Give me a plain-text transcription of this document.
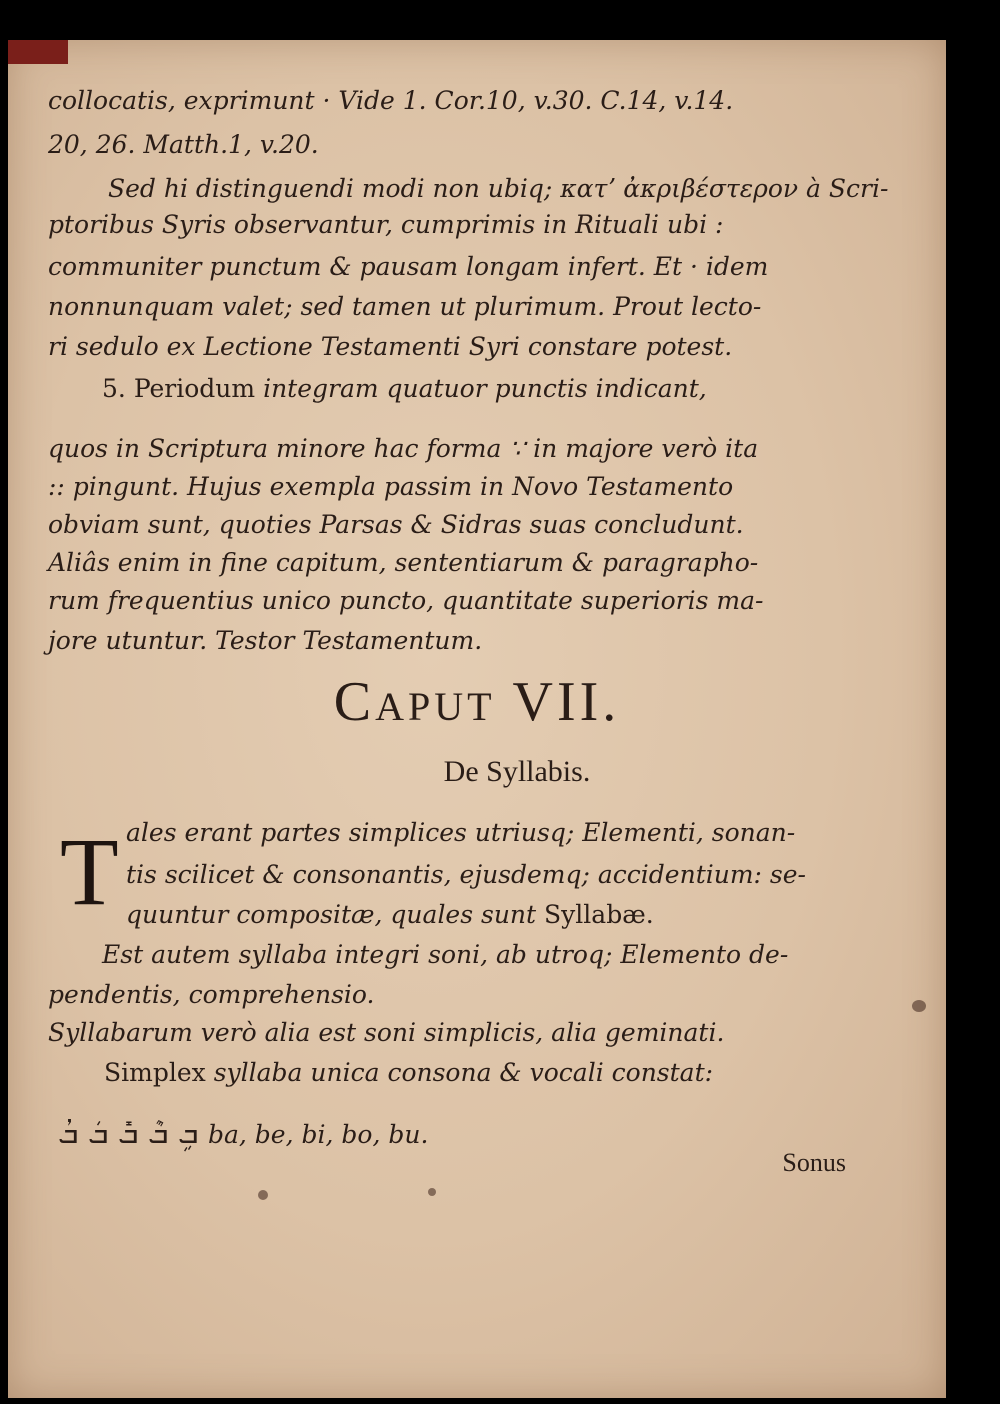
collocatis, exprimunt · Vide 1. Cor.10, v.30. C.14, v.14.
20, 26. Matth.1, v.20.
Sed hi distinguendi modi non ubiq; κατʼ ἀκριβέστερον à Scri-
ptoribus Syris observantur, cumprimis in Rituali ubi :
communiter punctum & pausam longam infert. Et · idem
nonnunquam valet; sed tamen ut plurimum. Prout lecto-
ri sedulo ex Lectione Testamenti Syri constare potest.
5. Periodum integram quatuor punctis indicant,
quos in Scriptura minore hac forma ∵ in majore verò ita
:: pingunt. Hujus exempla passim in Novo Testamento
obviam sunt, quoties Parsas & Sidras suas concludunt.
Aliâs enim in fine capitum, sententiarum & paragrapho-
rum frequentius unico puncto, quantitate superioris ma-
jore utuntur. Testor Testamentum.
CAPUT VII.
De Syllabis.
T ales erant partes simplices utriusq; Elementi, sonan-
tis scilicet & consonantis, ejusdemq; accidentium: se-
quuntur compositæ, quales sunt Syllabæ.
Est autem syllaba integri soni, ab utroq; Elemento de-
pendentis, comprehensio.
Syllabarum verò alia est soni simplicis, alia geminati.
Simplex syllaba unica consona & vocali constat:
ܒܹ ܒܶ ܒܺ ܒܿ ܒܳ ba, be, bi, bo, bu.
Sonus
